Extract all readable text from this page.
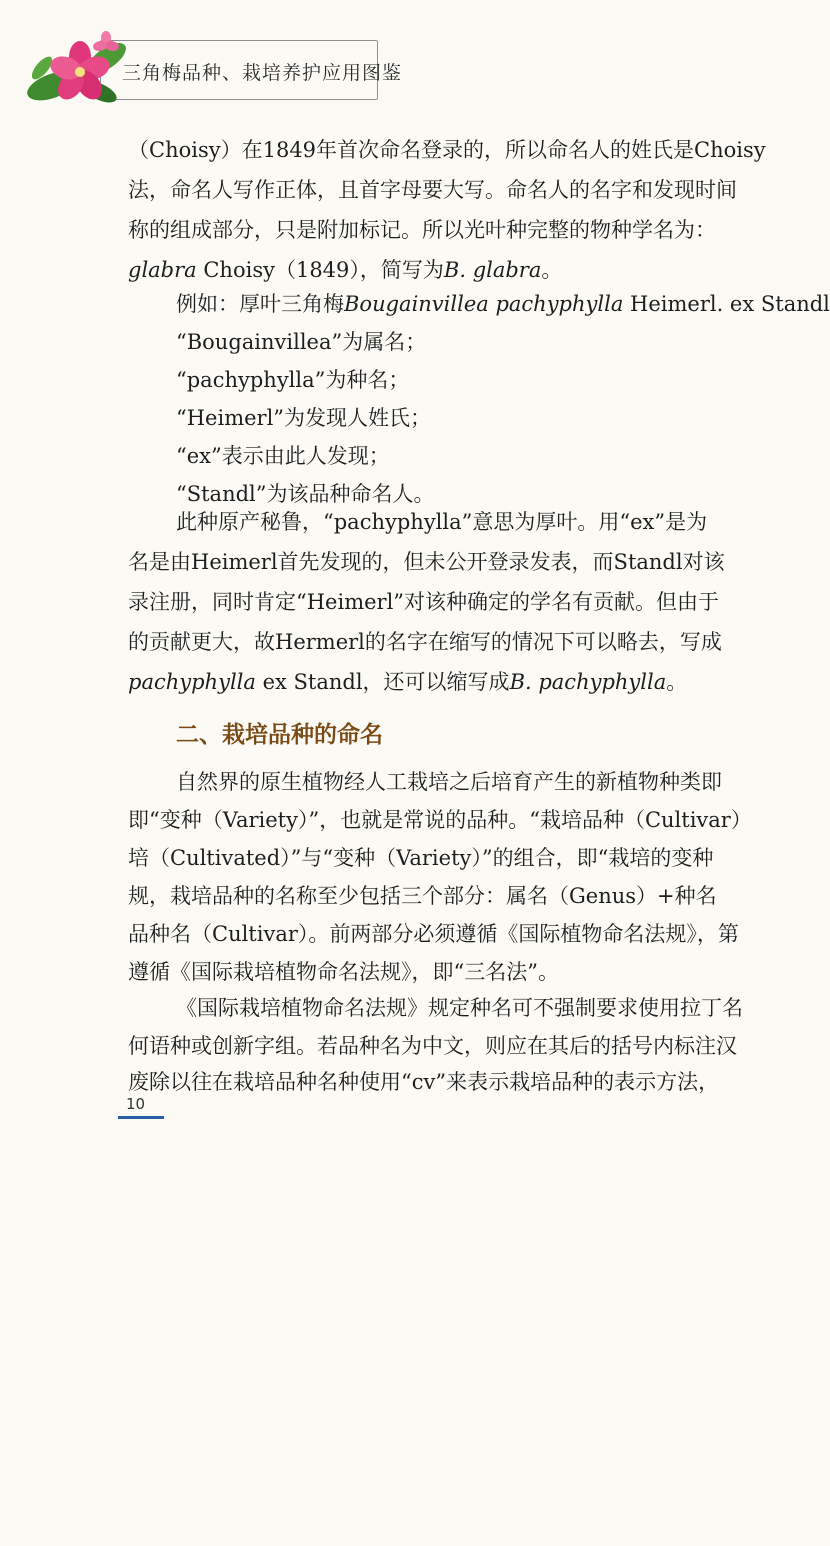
三角梅品种、栽培养护应用图鉴
（Choisy）在1849年首次命名登录的，所以命名人的姓氏是Choisy
法，命名人写作正体，且首字母要大写。命名人的名字和发现时间
称的组成部分，只是附加标记。所以光叶种完整的物种学名为：
glabra Choisy（1849），简写为B. glabra。
例如：厚叶三角梅Bougainvillea pachyphylla Heimerl. ex Standl
“Bougainvillea”为属名；
“pachyphylla”为种名；
“Heimerl”为发现人姓氏；
“ex”表示由此人发现；
“Standl”为该品种命名人。
此种原产秘鲁，“pachyphylla”意思为厚叶。用“ex”是为
名是由Heimerl首先发现的，但未公开登录发表，而Standl对该
录注册，同时肯定“Heimerl”对该种确定的学名有贡献。但由于
的贡献更大，故Hermerl的名字在缩写的情况下可以略去，写成
pachyphylla ex Standl，还可以缩写成B. pachyphylla。
二、栽培品种的命名
自然界的原生植物经人工栽培之后培育产生的新植物种类即
即“变种（Variety）”，也就是常说的品种。“栽培品种（Cultivar）
培（Cultivated）”与“变种（Variety）”的组合，即“栽培的变种
规，栽培品种的名称至少包括三个部分：属名（Genus）+种名
品种名（Cultivar）。前两部分必须遵循《国际植物命名法规》，第
遵循《国际栽培植物命名法规》，即“三名法”。
《国际栽培植物命名法规》规定种名可不强制要求使用拉丁名
何语种或创新字组。若品种名为中文，则应在其后的括号内标注汉
废除以往在栽培品种名种使用“cv”来表示栽培品种的表示方法，
10
